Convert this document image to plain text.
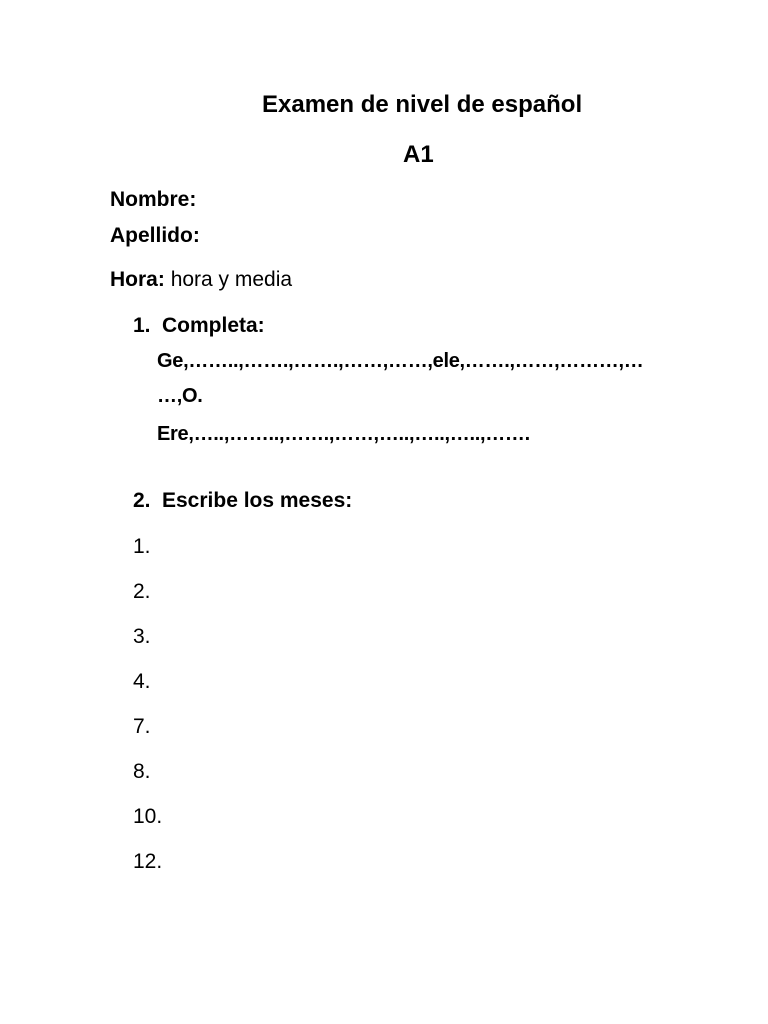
Examen de nivel de español
A1
Nombre:
Apellido:
Hora: hora y media
1. Completa:
Ge,……..,…….,…….,……,……,ele,…….,……,………,…
…,O.
Ere,…..,……..,…….,……,…..,…..,…..,…….
2. Escribe los meses:
1.
2.
3.
4.
7.
8.
10.
12.
